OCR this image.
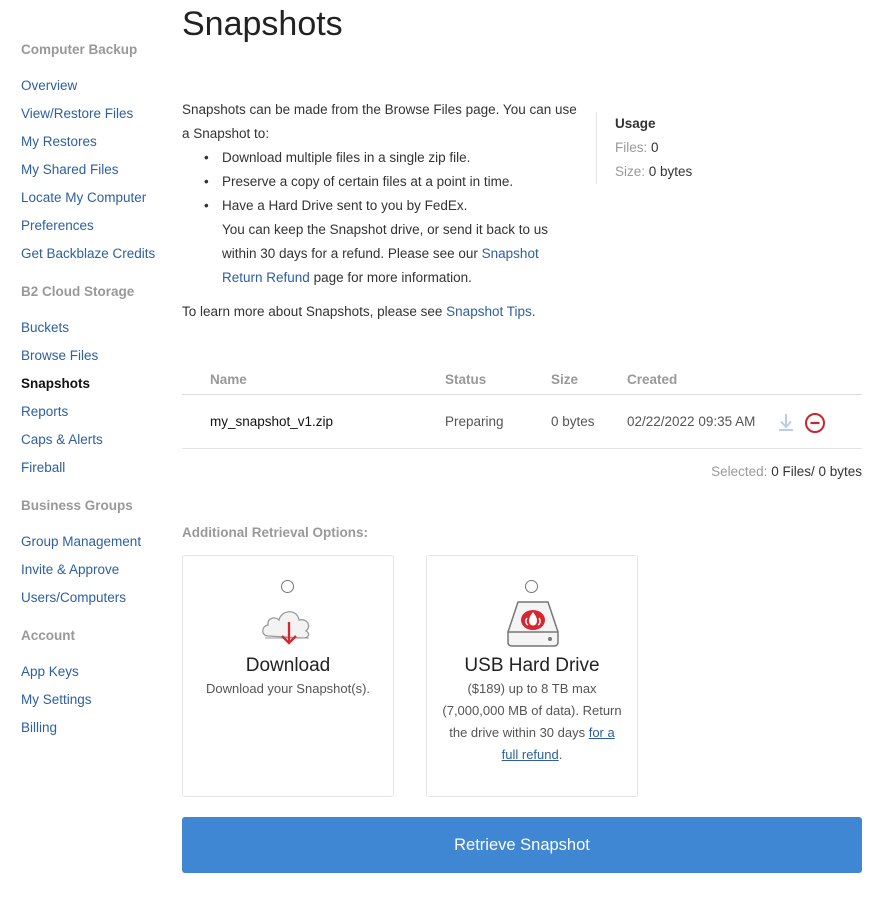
Computer Backup
Overview
View/Restore Files
My Restores
My Shared Files
Locate My Computer
Preferences
Get Backblaze Credits
B2 Cloud Storage
Buckets
Browse Files
Snapshots
Reports
Caps & Alerts
Fireball
Business Groups
Group Management
Invite & Approve
Users/Computers
Account
App Keys
My Settings
Billing
Snapshots
Snapshots can be made from the Browse Files page. You can use a Snapshot to:
• Download multiple files in a single zip file.
• Preserve a copy of certain files at a point in time.
• Have a Hard Drive sent to you by FedEx.
You can keep the Snapshot drive, or send it back to us within 30 days for a refund. Please see our Snapshot Return Refund page for more information.
To learn more about Snapshots, please see Snapshot Tips.
Usage
Files: 0
Size: 0 bytes
Name	Status	Size	Created
my_snapshot_v1.zip	Preparing	0 bytes 02/22/2022 09:35 AM
Selected: 0 Files/ 0 bytes
Additional Retrieval Options:
Download
Download your Snapshot(s).
USB Hard Drive
($189) up to 8 TB max (7,000,000 MB of data). Return the drive within 30 days for a full refund.
Retrieve Snapshot
